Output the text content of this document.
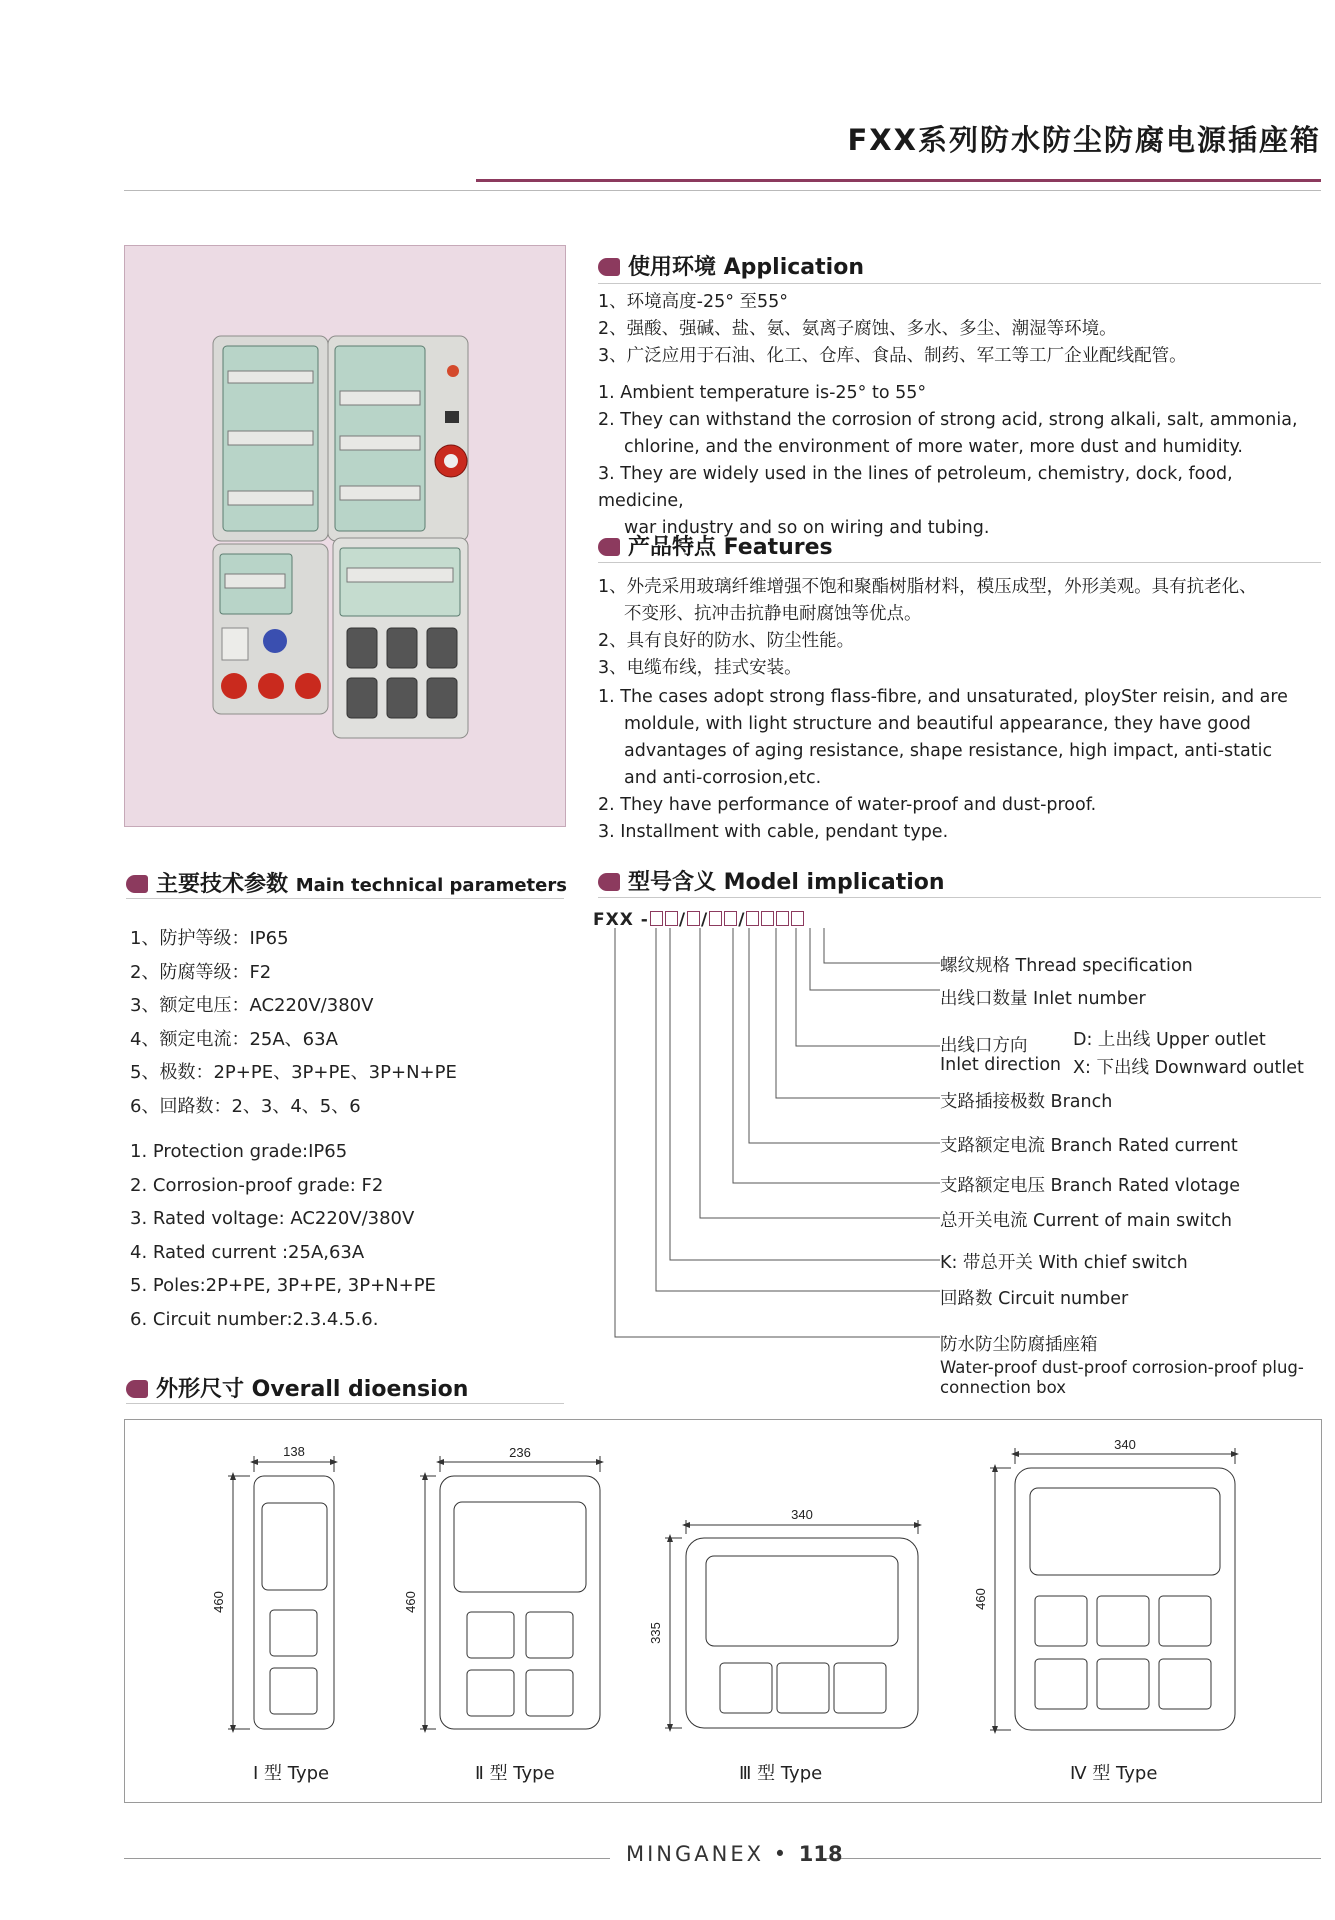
FXX系列防水防尘防腐电源插座箱
使用环境 Application

1、环境高度-25° 至55°

2、强酸、强碱、盐、氨、氨离子腐蚀、多水、多尘、潮湿等环境。

3、广泛应用于石油、化工、仓库、食品、制药、军工等工厂企业配线配管。

1. Ambient temperature is-25° to 55°

2. They can withstand the corrosion of strong acid, strong alkali, salt, ammonia,

chlorine, and the environment of more water, more dust and humidity.

3. They are widely used in the lines of petroleum, chemistry, dock, food, medicine,

war industry and so on wiring and tubing.

产品特点 Features

1、外壳采用玻璃纤维增强不饱和聚酯树脂材料，模压成型，外形美观。具有抗老化、

不变形、抗冲击抗静电耐腐蚀等优点。

2、具有良好的防水、防尘性能。

3、电缆布线，挂式安装。

1. The cases adopt strong flass-fibre, and unsaturated, ploySter reisin, and are

moldule, with light structure and beautiful appearance, they have good

advantages of aging resistance, shape resistance, high impact, anti-static

and anti-corrosion,etc.

2. They have performance of water-proof and dust-proof.

3. Installment with cable, pendant type.

主要技术参数 Main technical parameters
1、防护等级：IP65
2、防腐等级：F2
3、额定电压：AC220V/380V
4、额定电流：25A、63A
5、极数：2P+PE、3P+PE、3P+N+PE
6、回路数：2、3、4、5、6
1. Protection grade:IP65
2. Corrosion-proof grade: F2
3. Rated voltage: AC220V/380V
4. Rated current :25A,63A
5. Poles:2P+PE, 3P+PE, 3P+N+PE
6. Circuit number:2.3.4.5.6.
型号含义 Model implication
FXX - / / /
螺纹规格 Thread specification
出线口数量 Inlet number
出线口方向
Inlet direction
D: 上出线 Upper outlet
X: 下出线 Downward outlet
支路插接极数 Branch
支路额定电流 Branch Rated current
支路额定电压 Branch Rated vlotage
总开关电流 Current of main switch
K: 带总开关 With chief switch
回路数 Circuit number
防水防尘防腐插座箱
Water-proof dust-proof corrosion-proof plug-
connection box
外形尺寸 Overall dioension
138
460
236
460
340
335
340
460
Ⅰ 型 Type	Ⅱ 型 Type	Ⅲ 型 Type	Ⅳ 型 Type
MINGANEX • 118
